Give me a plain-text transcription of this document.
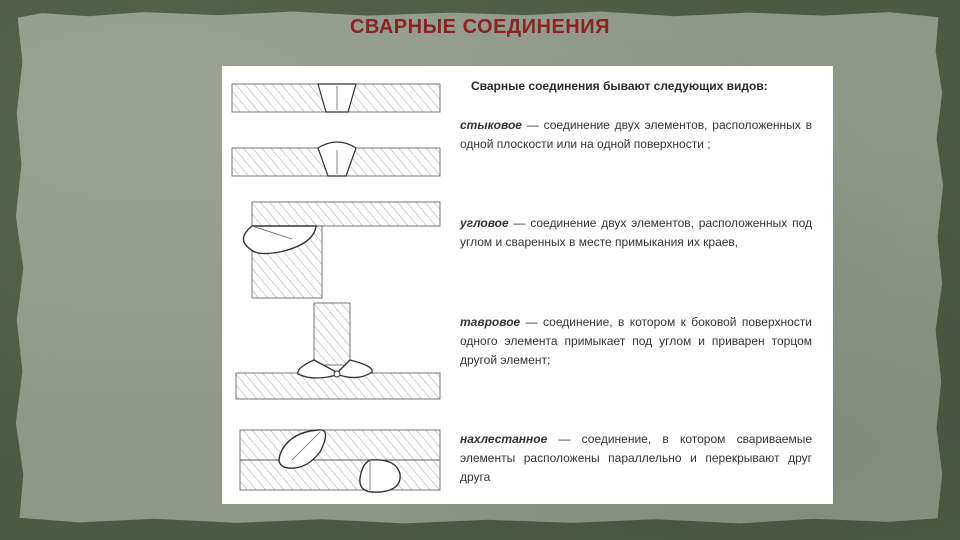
СВАРНЫЕ СОЕДИНЕНИЯ
Сварные соединения бывают следующих видов:
стыковое — соединение двух элементов, расположенных в одной плоскости или на одной поверхности ;
угловое — соединение двух элементов, расположенных под углом и сваренных в месте примыкания их краев,
тавровое — соединение, в котором к боковой поверхности одного элемента примыкает под углом и приварен торцом другой элемент;
нахлестанное — соединение, в котором свариваемые элементы расположены параллельно и перекрывают друг друга
